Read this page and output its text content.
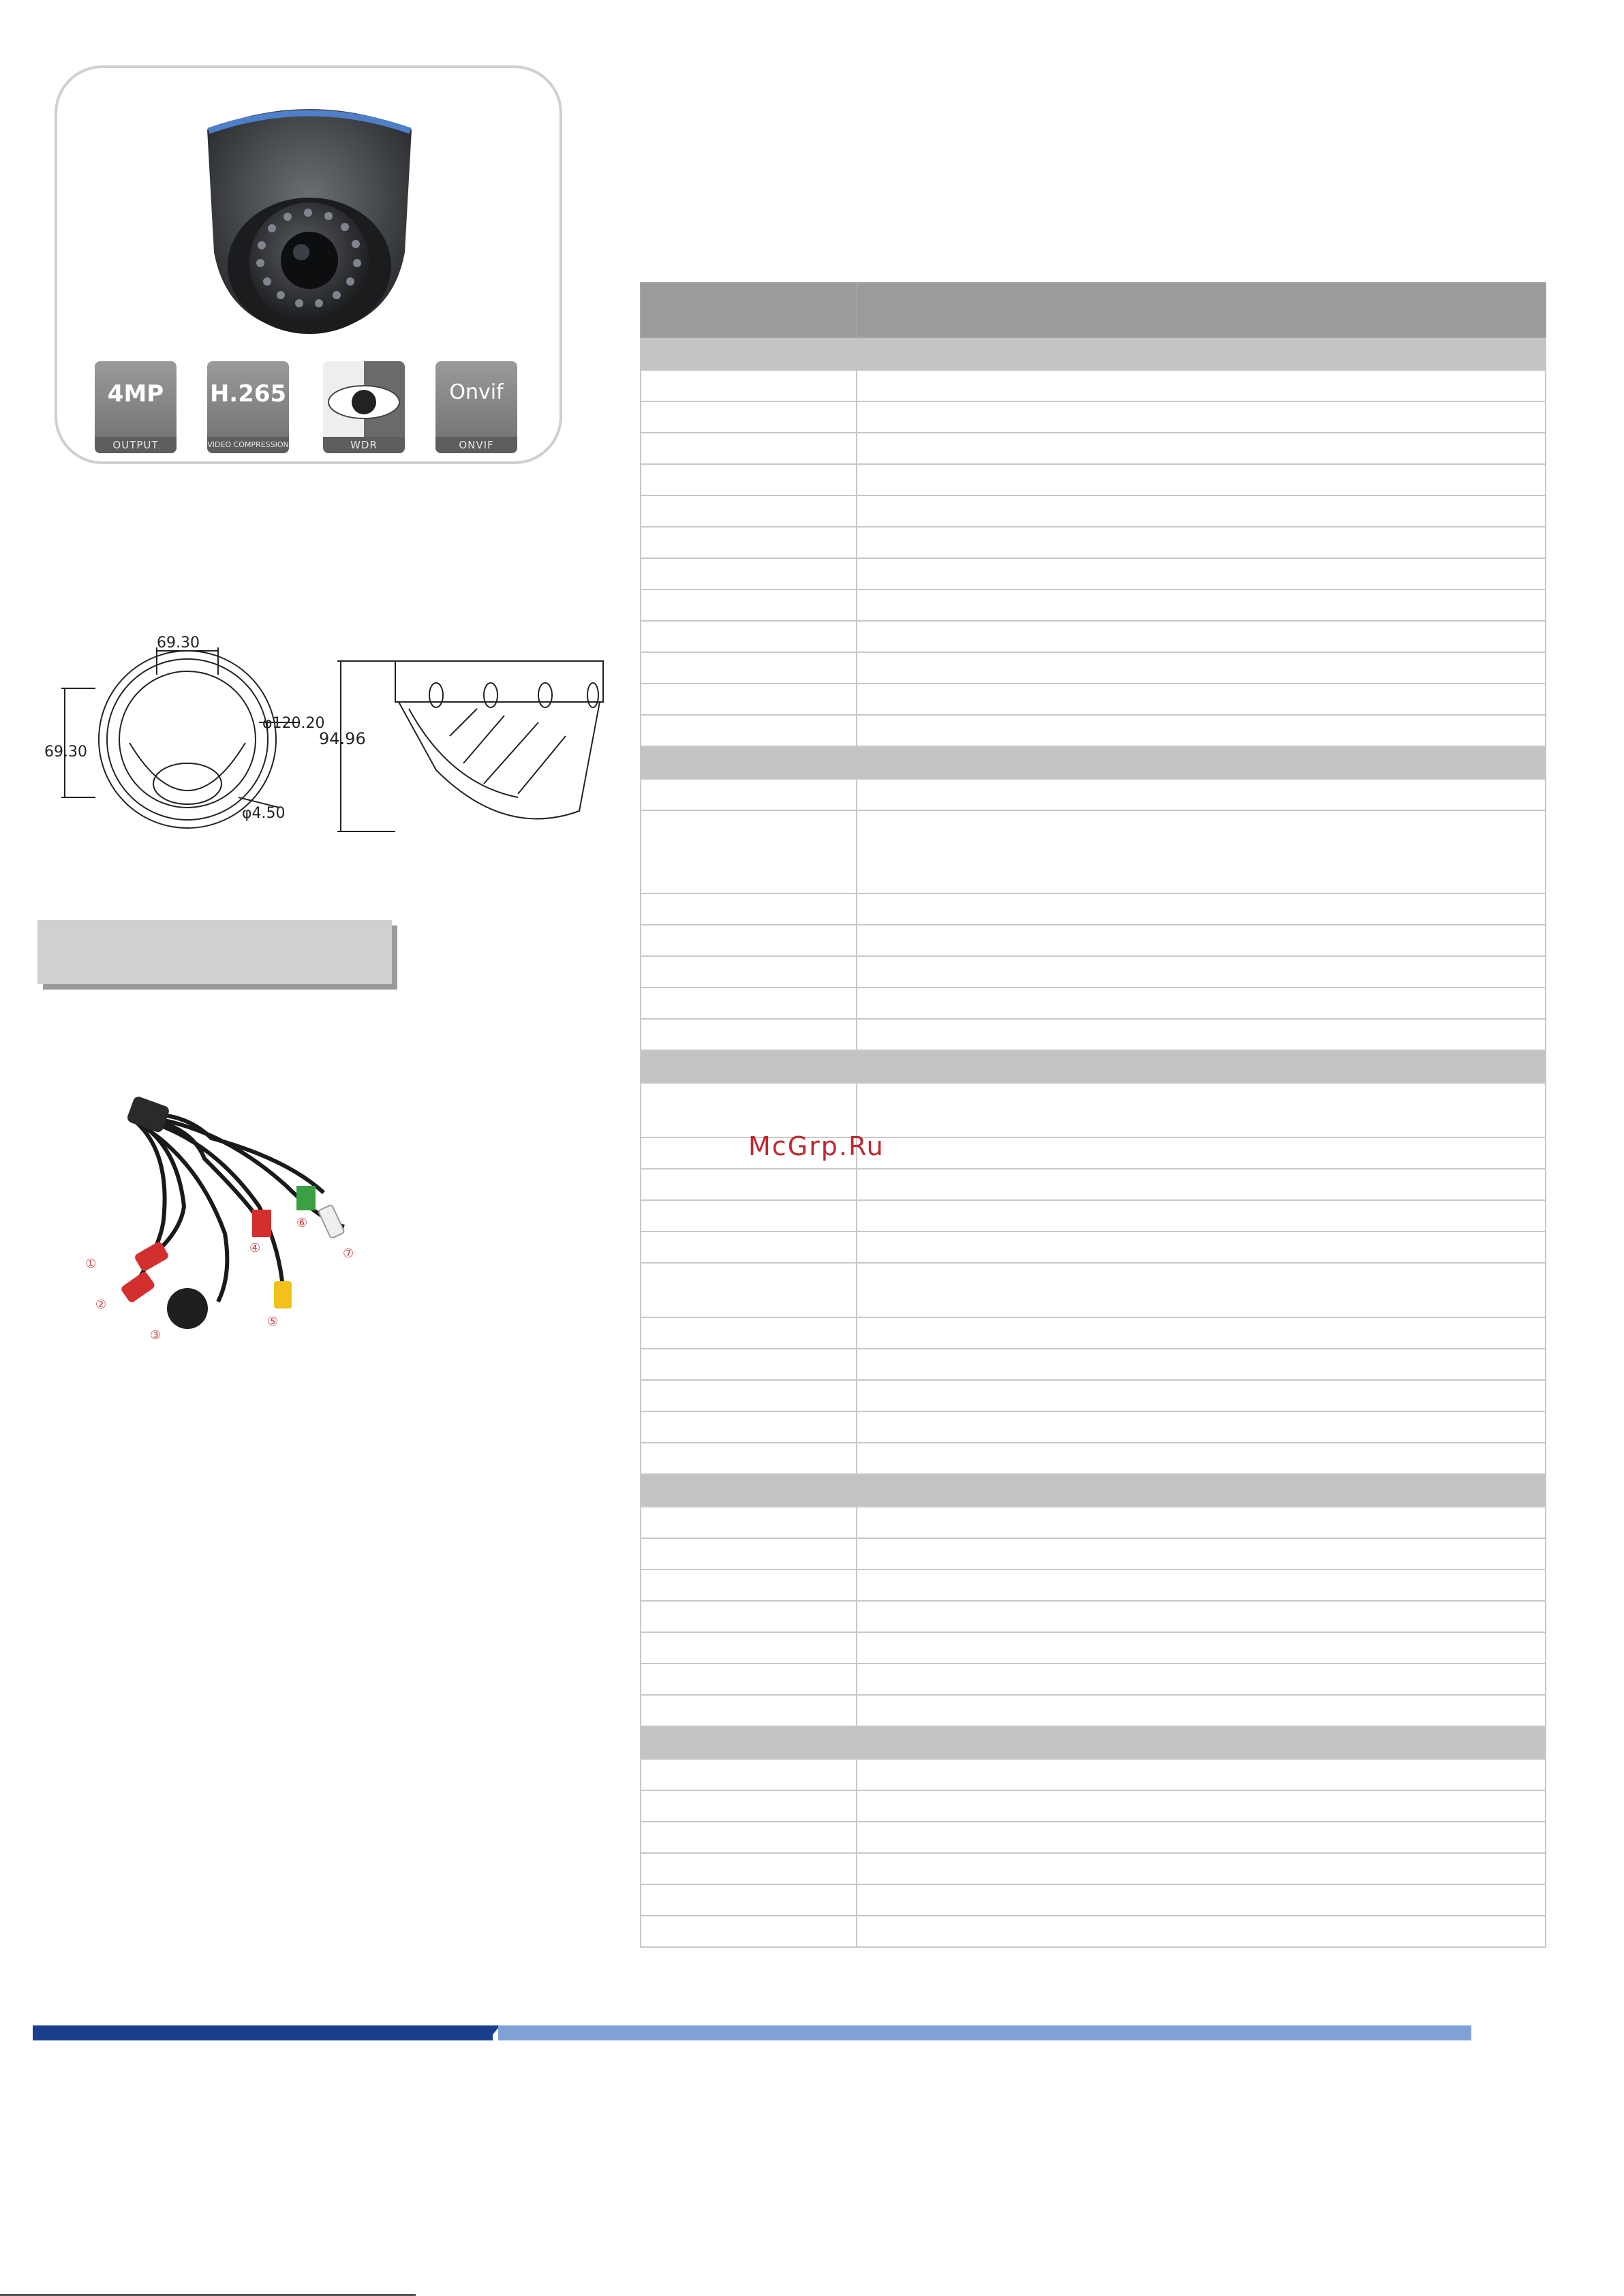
4MP
OUTPUT
H.265
VIDEO COMPRESSION	WDR
Onvif
ONVIF
69.30
69.30
φ120.20
φ4.50
94.96
①
②
③
④
⑤
⑥
⑦

McGrp.Ru
